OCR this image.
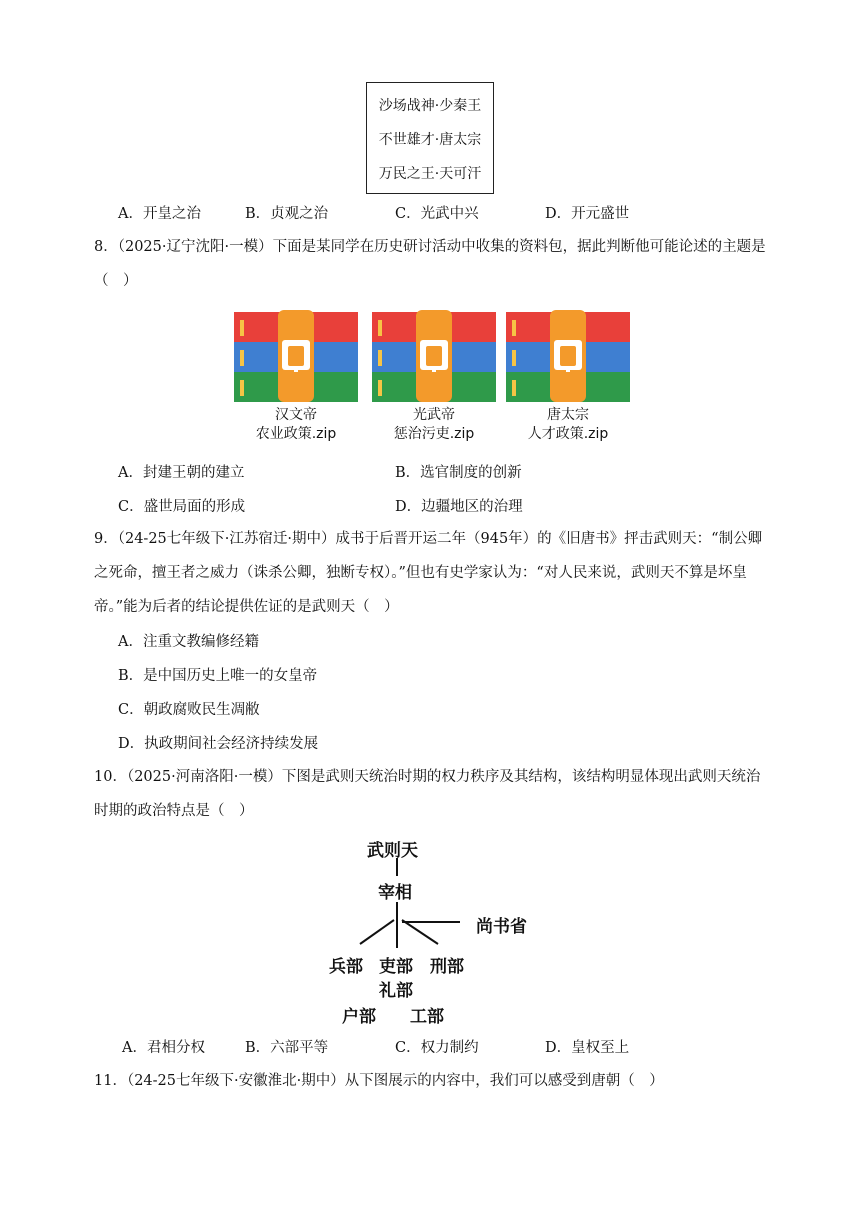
沙场战神·少秦王
不世雄才·唐太宗
万民之王·天可汗
A．开皇之治	B．贞观之治	C．光武中兴	D．开元盛世
8．（2025·辽宁沈阳·一模）下面是某同学在历史研讨活动中收集的资料包，据此判断他可能论述的主题是（　）
汉文帝
农业政策.zip
光武帝
惩治污吏.zip
唐太宗
人才政策.zip
A．封建王朝的建立	B．选官制度的创新
C．盛世局面的形成	D．边疆地区的治理
9．（24-25七年级下·江苏宿迁·期中）成书于后晋开运二年（945年）的《旧唐书》抨击武则天：“制公卿之死命，擅王者之威力（诛杀公卿，独断专权）。”但也有史学家认为：“对人民来说，武则天不算是坏皇帝。”能为后者的结论提供佐证的是武则天（　）
A．注重文教编修经籍
B．是中国历史上唯一的女皇帝
C．朝政腐败民生凋敝
D．执政期间社会经济持续发展
10．（2025·河南洛阳·一模）下图是武则天统治时期的权力秩序及其结构，该结构明显体现出武则天统治时期的政治特点是（　）
武则天
宰相
尚书省
兵部 吏部 刑部
礼部
户部 工部
A．君相分权	B．六部平等	C．权力制约	D．皇权至上
11．（24-25七年级下·安徽淮北·期中）从下图展示的内容中，我们可以感受到唐朝（　）
